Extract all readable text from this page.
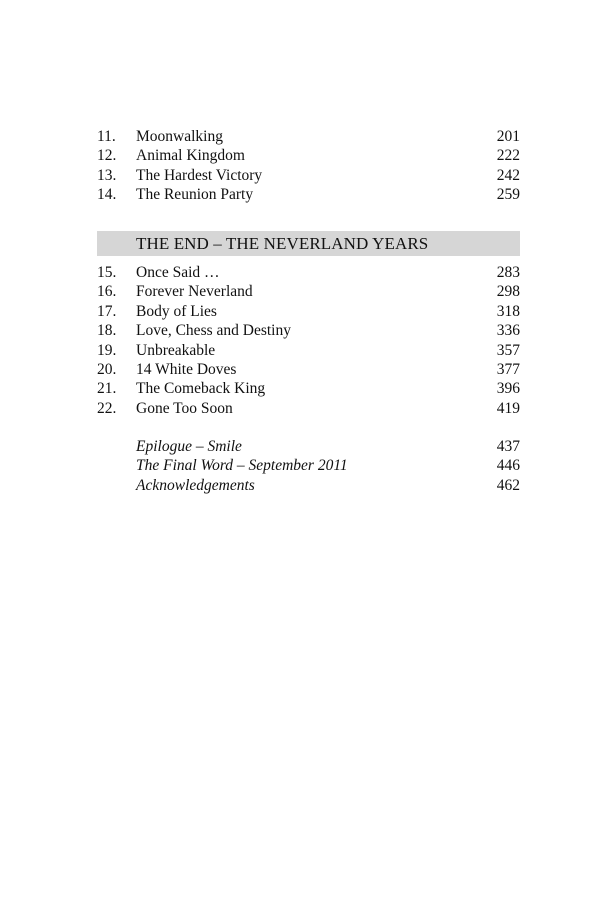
11. Moonwalking	201
12. Animal Kingdom	222
13. The Hardest Victory	242
14. The Reunion Party	259
THE END – THE NEVERLAND YEARS
15. Once Said …	283
16. Forever Neverland	298
17. Body of Lies	318
18. Love, Chess and Destiny	336
19. Unbreakable	357
20. 14 White Doves	377
21. The Comeback King	396
22. Gone Too Soon	419
Epilogue – Smile	437
The Final Word – September 2011	446
Acknowledgements	462
